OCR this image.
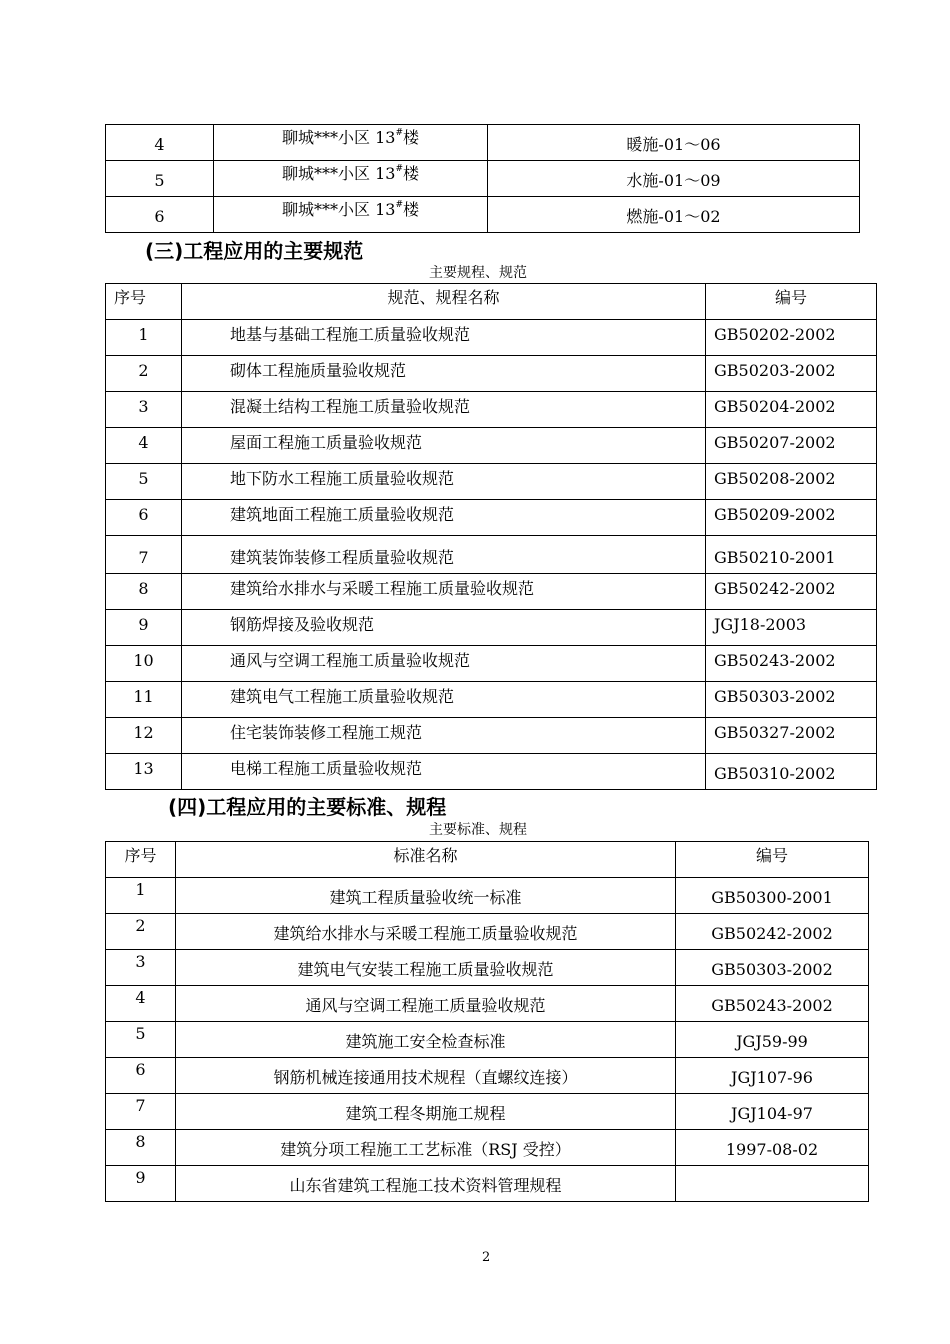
4	聊城***小区 13#楼	暖施-01～06
5	聊城***小区 13#楼	水施-01～09
6	聊城***小区 13#楼	燃施-01～02
(三)工程应用的主要规范
主要规程、规范
序号	规范、规程名称	编号
1	地基与基础工程施工质量验收规范	GB50202-2002
2	砌体工程施质量验收规范	GB50203-2002
3	混凝土结构工程施工质量验收规范	GB50204-2002
4	屋面工程施工质量验收规范	GB50207-2002
5	地下防水工程施工质量验收规范	GB50208-2002
6	建筑地面工程施工质量验收规范	GB50209-2002
7	建筑装饰装修工程质量验收规范	GB50210-2001
8	建筑给水排水与采暖工程施工质量验收规范	GB50242-2002
9	钢筋焊接及验收规范	JGJ18-2003
10	通风与空调工程施工质量验收规范	GB50243-2002
11	建筑电气工程施工质量验收规范	GB50303-2002
12	住宅装饰装修工程施工规范	GB50327-2002
13	电梯工程施工质量验收规范	GB50310-2002
(四)工程应用的主要标准、规程
主要标准、规程
序号	标准名称	编号
1	建筑工程质量验收统一标准	GB50300-2001
2	建筑给水排水与采暖工程施工质量验收规范	GB50242-2002
3	建筑电气安装工程施工质量验收规范	GB50303-2002
4	通风与空调工程施工质量验收规范	GB50243-2002
5	建筑施工安全检查标准	JGJ59-99
6	钢筋机械连接通用技术规程（直螺纹连接）	JGJ107-96
7	建筑工程冬期施工规程	JGJ104-97
8	建筑分项工程施工工艺标准（RSJ 受控）	1997-08-02
9	山东省建筑工程施工技术资料管理规程	
2
